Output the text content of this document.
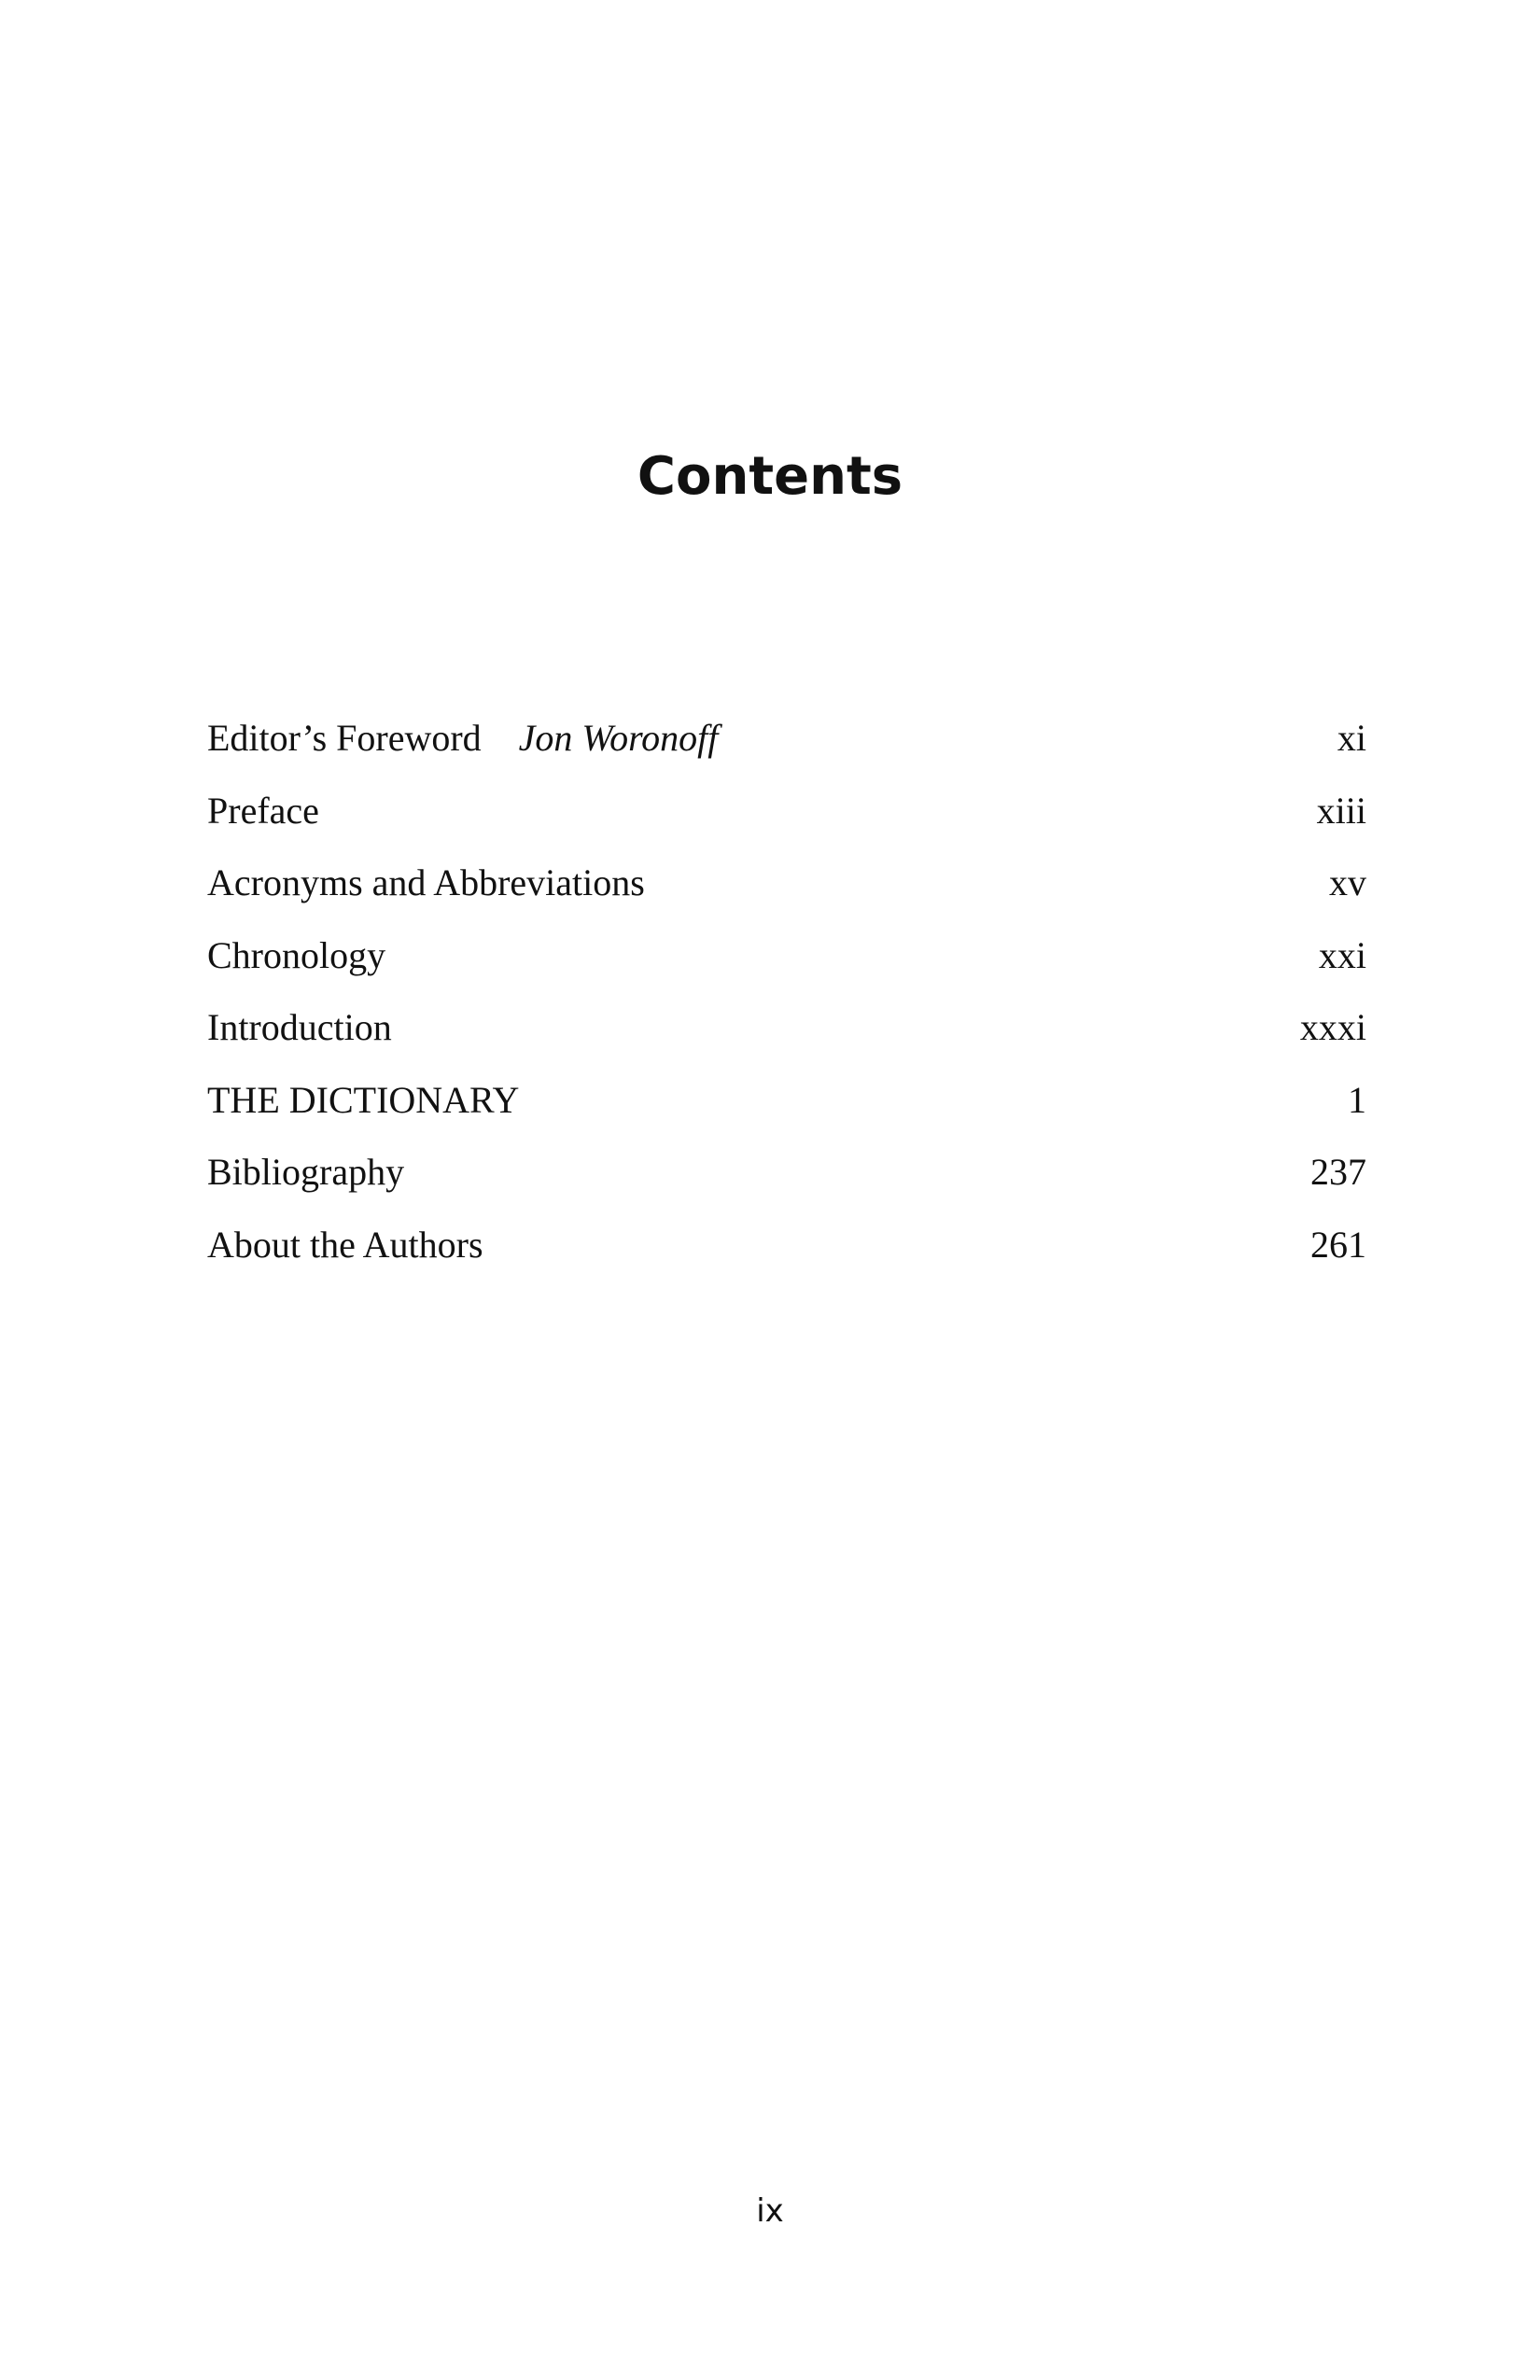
Contents
Editor’s Foreword Jon Woronoff	xi
Preface	xiii
Acronyms and Abbreviations	xv
Chronology	xxi
Introduction	xxxi
THE DICTIONARY	1
Bibliography	237
About the Authors	261
ix
